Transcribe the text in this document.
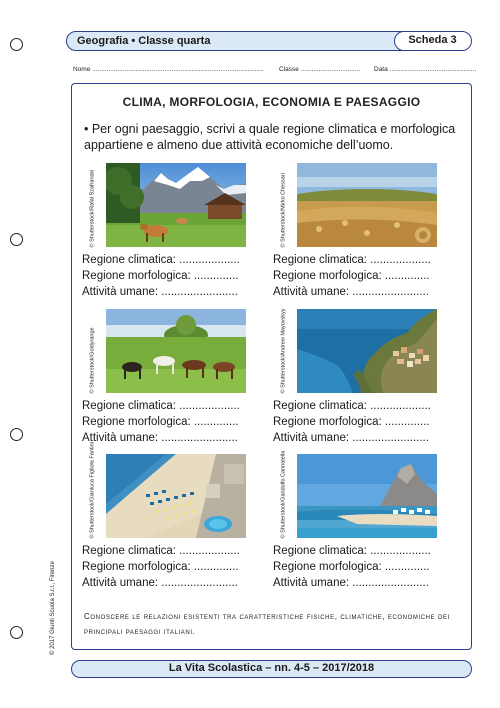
Geografia • Classe quarta	Scheda 3
Nome ............................................................................................... Classe ................................. Data ................................................
© 2017 Giunti Scuola S.r.l., Firenze
CLIMA, MORFOLOGIA, ECONOMIA E PAESAGGIO
• Per ogni paesaggio, scrivi a quale regione climatica e morfologica appartiene e almeno due attività economiche dell’uomo.
© Shutterstock/Rafal Szafranski
Regione climatica: ...................
Regione morfologica: ..............
Attività umane: ........................
© Shutterstock/Mirko Chessari
Regione climatica: ...................
Regione morfologica: ..............
Attività umane: ........................
© Shutterstock/Goldyrange
Regione climatica: ...................
Regione morfologica: ..............
Attività umane: ........................
© Shutterstock/Andrew Mayovskyy
Regione climatica: ...................
Regione morfologica: ..............
Attività umane: ........................
© Shutterstock/Gianluca Figliola Fantini
Regione climatica: ...................
Regione morfologica: ..............
Attività umane: ........................
© Shutterstock/Gandolfo Cannatella
Regione climatica: ...................
Regione morfologica: ..............
Attività umane: ........................
Conoscere le relazioni esistenti tra caratteristiche fisiche, climatiche, economiche dei principali paesaggi italiani.
La Vita Scolastica – nn. 4-5 – 2017/2018
